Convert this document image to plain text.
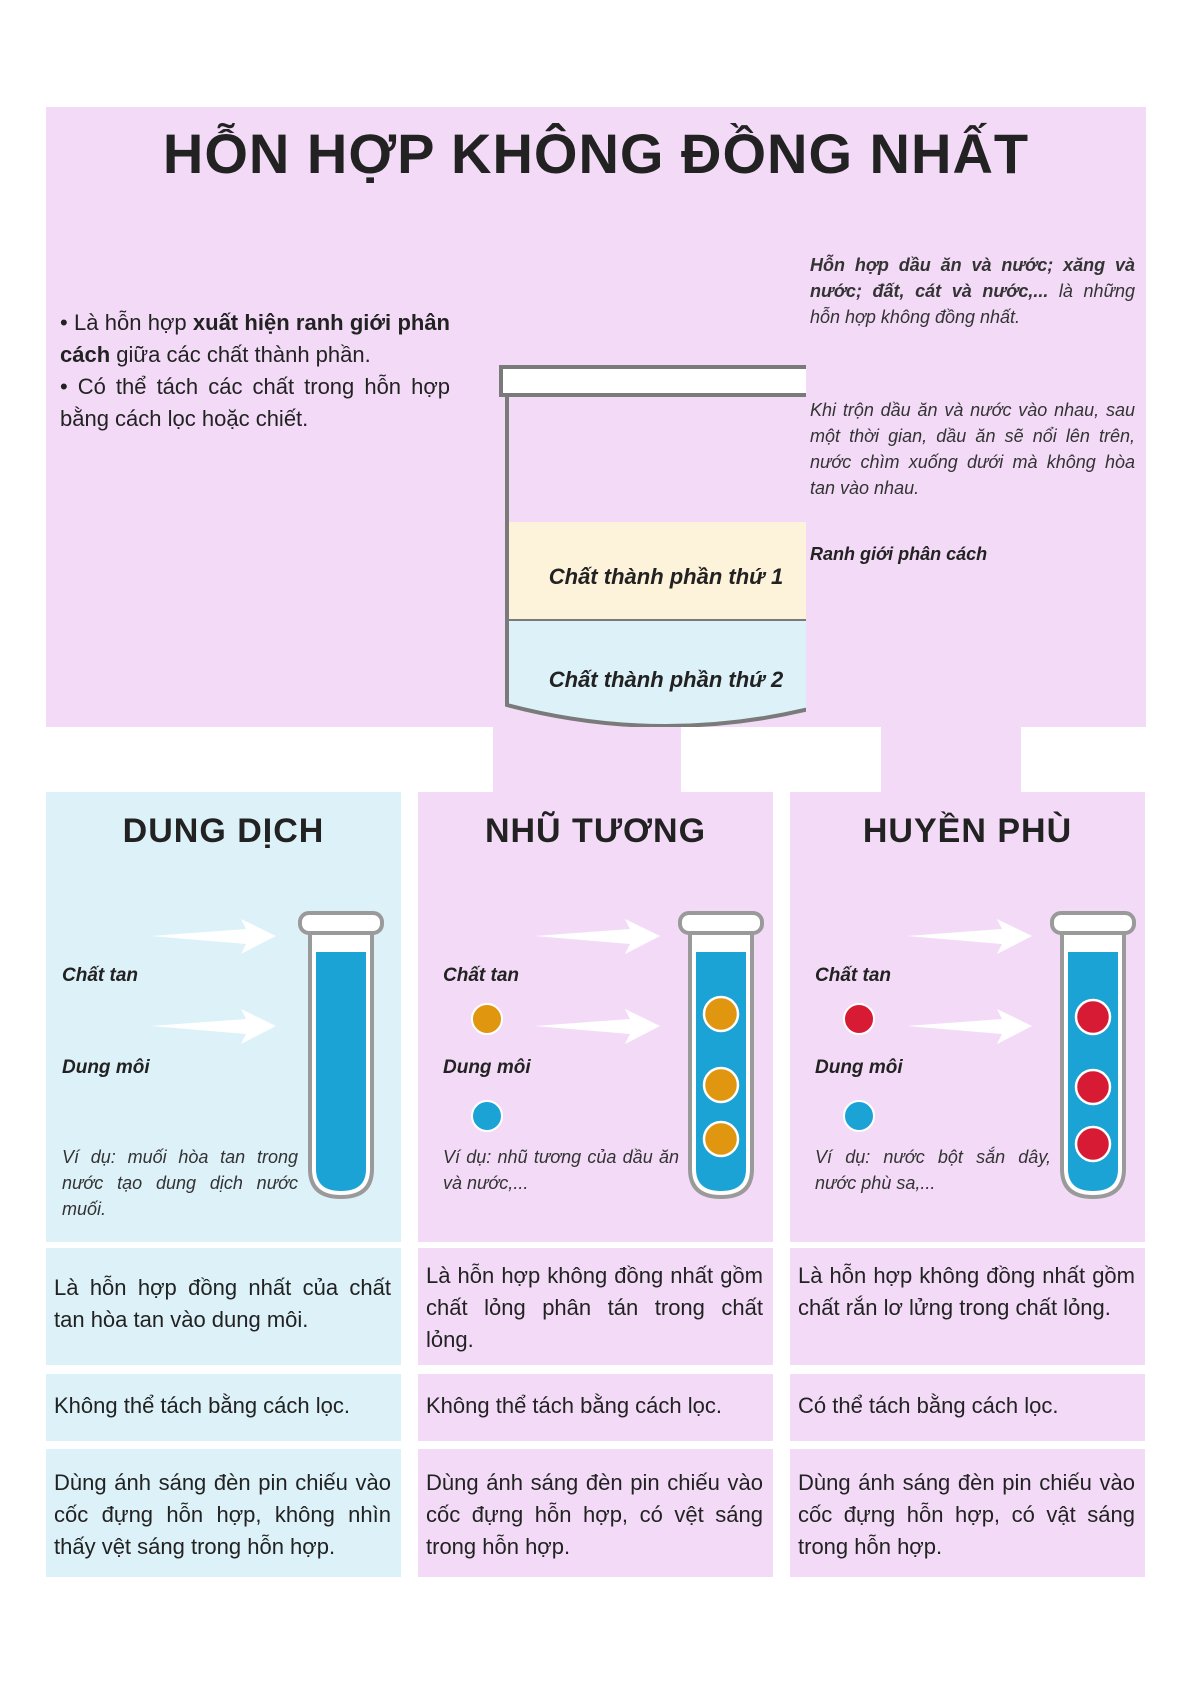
HỖN HỢP KHÔNG ĐỒNG NHẤT

• Là hỗn hợp xuất hiện ranh giới phân cách giữa các chất thành phần.

• Có thể tách các chất trong hỗn hợp bằng cách lọc hoặc chiết.

Chất thành phần thứ 1
Chất thành phần thứ 2
Hỗn hợp dầu ăn và nước; xăng và nước; đất, cát và nước,... là những hỗn hợp không đồng nhất.
Khi trộn dầu ăn và nước vào nhau, sau một thời gian, dầu ăn sẽ nổi lên trên, nước chìm xuống dưới mà không hòa tan vào nhau.
Ranh giới phân cách
DUNG DỊCH
Chất tan
Dung môi
Ví dụ: muối hòa tan trong nước tạo dung dịch nước muối.
NHŨ TƯƠNG
Chất tan
Dung môi
Ví dụ: nhũ tương của dầu ăn và nước,...
HUYỀN PHÙ
Chất tan
Dung môi
Ví dụ: nước bột sắn dây, nước phù sa,...
Là hỗn hợp đồng nhất của chất tan hòa tan vào dung môi.
Là hỗn hợp không đồng nhất gồm chất lỏng phân tán trong chất lỏng.
Là hỗn hợp không đồng nhất gồm chất rắn lơ lửng trong chất lỏng.
Không thể tách bằng cách lọc.	Không thể tách bằng cách lọc.	Có thể tách bằng cách lọc.
Dùng ánh sáng đèn pin chiếu vào cốc đựng hỗn hợp, không nhìn thấy vệt sáng trong hỗn hợp.
Dùng ánh sáng đèn pin chiếu vào cốc đựng hỗn hợp, có vệt sáng trong hỗn hợp.
Dùng ánh sáng đèn pin chiếu vào cốc đựng hỗn hợp, có vật sáng trong hỗn hợp.
